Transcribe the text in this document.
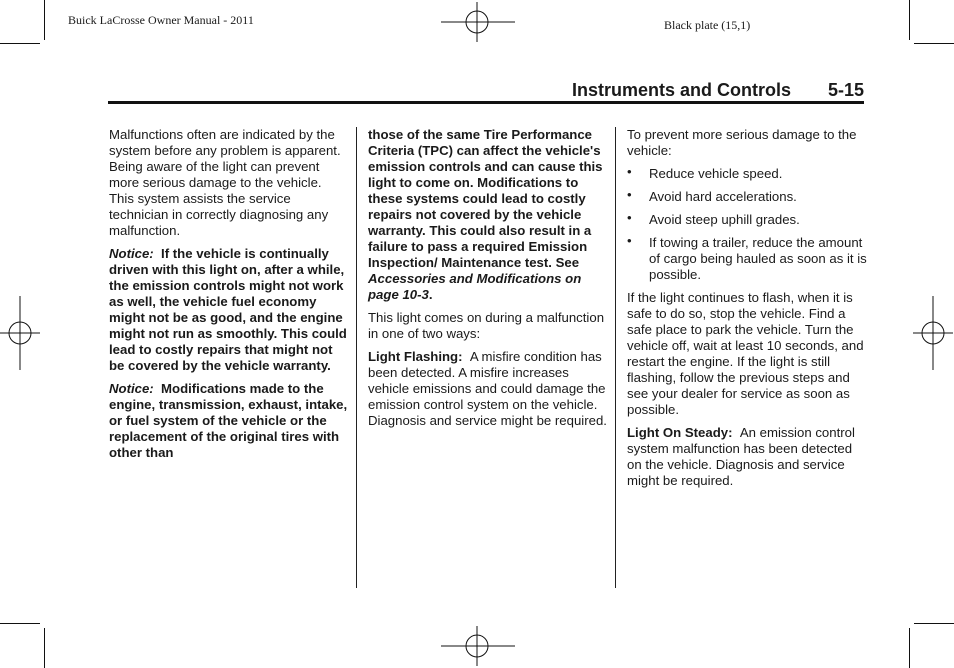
Buick LaCrosse Owner Manual - 2011	Black plate (15,1)
Instruments and Controls 5-15

Malfunctions often are indicated by the system before any problem is apparent. Being aware of the light can prevent more serious damage to the vehicle. This system assists the service technician in correctly diagnosing any malfunction.

Notice: If the vehicle is continually driven with this light on, after a while, the emission controls might not work as well, the vehicle fuel economy might not be as good, and the engine might not run as smoothly. This could lead to costly repairs that might not be covered by the vehicle warranty.

Notice: Modifications made to the engine, transmission, exhaust, intake, or fuel system of the vehicle or the replacement of the original tires with other than

those of the same Tire Performance Criteria (TPC) can affect the vehicle's emission controls and can cause this light to come on. Modifications to these systems could lead to costly repairs not covered by the vehicle warranty. This could also result in a failure to pass a required Emission Inspection/ Maintenance test. See Accessories and Modifications on page 10-3.

This light comes on during a malfunction in one of two ways:

Light Flashing: A misfire condition has been detected. A misfire increases vehicle emissions and could damage the emission control system on the vehicle. Diagnosis and service might be required.

To prevent more serious damage to the vehicle:

• Reduce vehicle speed.
• Avoid hard accelerations.
• Avoid steep uphill grades.
• If towing a trailer, reduce the amount of cargo being hauled as soon as it is possible.

If the light continues to flash, when it is safe to do so, stop the vehicle. Find a safe place to park the vehicle. Turn the vehicle off, wait at least 10 seconds, and restart the engine. If the light is still flashing, follow the previous steps and see your dealer for service as soon as possible.

Light On Steady: An emission control system malfunction has been detected on the vehicle. Diagnosis and service might be required.
